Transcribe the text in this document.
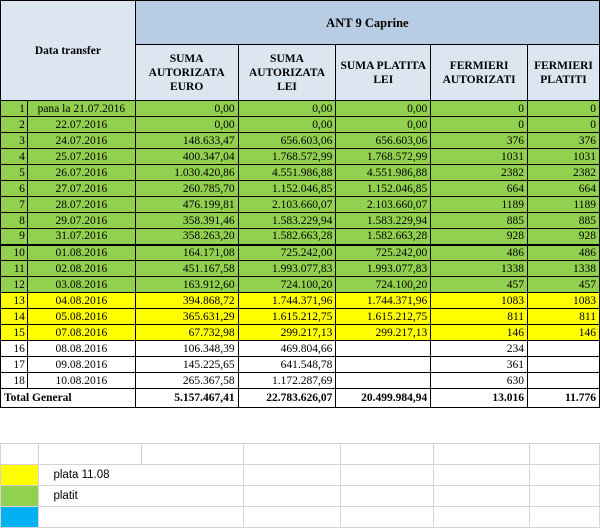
Data transfer		ANT 9 Caprine				
		SUMA AUTORIZATA EURO	SUMA AUTORIZATA LEI	SUMA PLATITA LEI	FERMIERI AUTORIZATI	FERMIERI PLATITI
1	pana la 21.07.2016	0,00	0,00	0,00	0	0
2	22.07.2016	0,00	0,00	0,00	0	0
3	24.07.2016	148.633,47	656.603,06	656.603,06	376	376
4	25.07.2016	400.347,04	1.768.572,99	1.768.572,99	1031	1031
5	26.07.2016	1.030.420,86	4.551.986,88	4.551.986,88	2382	2382
6	27.07.2016	260.785,70	1.152.046,85	1.152.046,85	664	664
7	28.07.2016	476.199,81	2.103.660,07	2.103.660,07	1189	1189
8	29.07.2016	358.391,46	1.583.229,94	1.583.229,94	885	885
9	31.07.2016	358.263,20	1.582.663,28	1.582.663,28	928	928
10	01.08.2016	164.171,08	725.242,00	725.242,00	486	486
11	02.08.2016	451.167,58	1.993.077,83	1.993.077,83	1338	1338
12	03.08.2016	163.912,60	724.100,20	724.100,20	457	457
13	04.08.2016	394.868,72	1.744.371,96	1.744.371,96	1083	1083
14	05.08.2016	365.631,29	1.615.212,75	1.615.212,75	811	811
15	07.08.2016	67.732,98	299.217,13	299.217,13	146	146
16	08.08.2016	106.348,39	469.804,66		234	
17	09.08.2016	145.225,65	641.548,78		361	
18	10.08.2016	265.367,58	1.172.287,69		630	
Total General		5.157.467,41	22.783.626,07	20.499.984,94	13.016	11.776

	plata 11.08					
	platit					
